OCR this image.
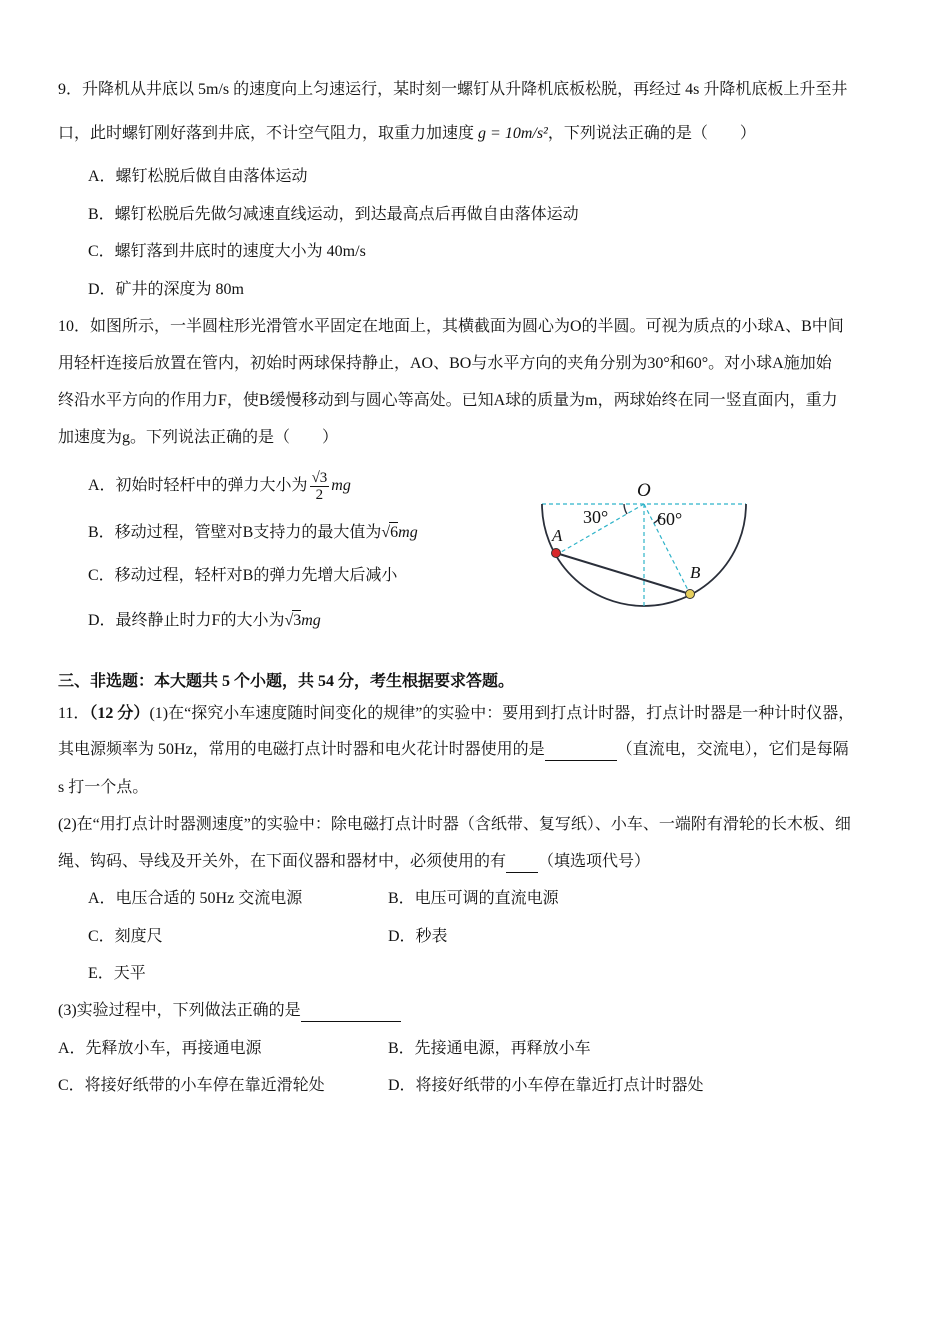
9．升降机从井底以 5m/s 的速度向上匀速运行，某时刻一螺钉从升降机底板松脱，再经过 4s 升降机底板上升至井
口，此时螺钉刚好落到井底，不计空气阻力，取重力加速度 g = 10m/s²，下列说法正确的是（　　）
A．螺钉松脱后做自由落体运动
B．螺钉松脱后先做匀减速直线运动，到达最高点后再做自由落体运动
C．螺钉落到井底时的速度大小为 40m/s
D．矿井的深度为 80m
10．如图所示，一半圆柱形光滑管水平固定在地面上，其横截面为圆心为O的半圆。可视为质点的小球A、B中间
用轻杆连接后放置在管内，初始时两球保持静止，AO、BO与水平方向的夹角分别为30°和60°。对小球A施加始
终沿水平方向的作用力F，使B缓慢移动到与圆心等高处。已知A球的质量为m，两球始终在同一竖直面内，重力
加速度为g。下列说法正确的是（　　）
A．初始时轻杆中的弹力大小为 $\frac{√3}{2}$ mg
B．移动过程，管壁对B支持力的最大值为√6mg
C．移动过程，轻杆对B的弹力先增大后减小
D．最终静止时力F的大小为√3mg
O
A
B
30°	60°
三、非选题：本大题共 5 个小题，共 54 分，考生根据要求答题。
11．（12 分）(1)在“探究小车速度随时间变化的规律”的实验中：要用到打点计时器，打点计时器是一种计时仪器，
其电源频率为 50Hz，常用的电磁打点计时器和电火花计时器使用的是	（直流电，交流电），它们是每隔
s 打一个点。
(2)在“用打点计时器测速度”的实验中：除电磁打点计时器（含纸带、复写纸）、小车、一端附有滑轮的长木板、细
绳、钩码、导线及开关外，在下面仪器和器材中，必须使用的有 （填选项代号）
A．电压合适的 50Hz 交流电源	B．电压可调的直流电源
C．刻度尺	D．秒表
E．天平
(3)实验过程中，下列做法正确的是
A．先释放小车，再接通电源	B．先接通电源，再释放小车
C．将接好纸带的小车停在靠近滑轮处	D．将接好纸带的小车停在靠近打点计时器处
